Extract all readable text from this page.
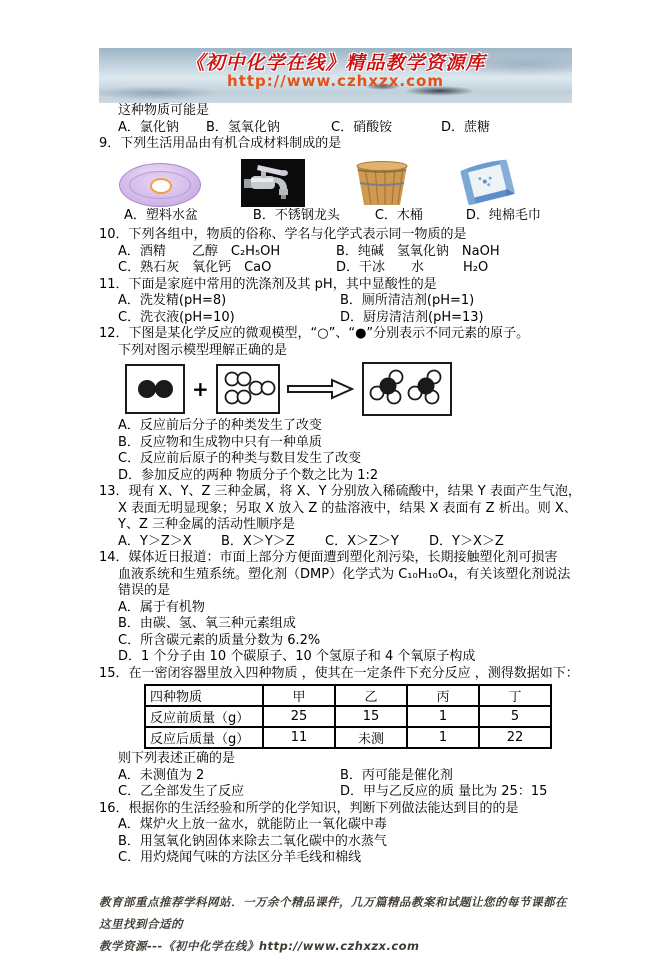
《初中化学在线》精品教学资源库
http://www.czhxzx.com
这种物质可能是
A．氯化钠	B．氢氧化钠	C．硝酸铵	D．蔗糖
9．下列生活用品由有机合成材料制成的是
A．塑料水盆	B．不锈钢龙头	C．木桶	D．纯棉毛巾
10．下列各组中，物质的俗称、学名与化学式表示同一物质的是
A．酒精　　乙醇　C₂H₅OH	B．纯碱　氢氧化钠　NaOH
C．熟石灰　氧化钙　CaO	D．干冰　　水　　　H₂O
11．下面是家庭中常用的洗涤剂及其 pH，其中显酸性的是
A．洗发精(pH=8)	B．厕所清洁剂(pH=1)
C．洗衣液(pH=10)	D．厨房清洁剂(pH=13)
12．下图是某化学反应的微观模型，“○”、“●”分别表示不同元素的原子。
下列对图示模型理解正确的是
+
A．反应前后分子的种类发生了改变
B．反应物和生成物中只有一种单质
C．反应前后原子的种类与数目发生了改变
D．参加反应的两种 物质分子个数之比为 1:2
13．现有 X、Y、Z 三种金属，将 X、Y 分别放入稀硫酸中，结果 Y 表面产生气泡，
X 表面无明显现象；另取 X 放入 Z 的盐溶液中，结果 X 表面有 Z 析出。则 X、
Y、Z 三种金属的活动性顺序是
A．Y＞Z＞X	B．X＞Y＞Z	C．X＞Z＞Y	D．Y＞X＞Z
14．媒体近日报道：市面上部分方便面遭到塑化剂污染，长期接触塑化剂可损害
血液系统和生殖系统。塑化剂（DMP）化学式为 C₁₀H₁₀O₄，有关该塑化剂说法
错误的是
A．属于有机物
B．由碳、氢、氧三种元素组成
C．所含碳元素的质量分数为 6.2%
D．1 个分子由 10 个碳原子、10 个氢原子和 4 个氧原子构成
15．在一密闭容器里放入四种物质 ，使其在一定条件下充分反应 ，测得数据如下：
四种物质	甲	乙	丙	丁
反应前质量（g）	25	15	1	5
反应后质量（g）	11	未测	1	22
则下列表述正确的是
A．未测值为 2	B．丙可能是催化剂
C．乙全部发生了反应	D．甲与乙反应的质 量比为 25：15
16．根据你的生活经验和所学的化学知识，判断下列做法能达到目的的是
A．煤炉火上放一盆水，就能防止一氧化碳中毒
B．用氢氧化钠固体来除去二氧化碳中的水蒸气
C．用灼烧闻气味的方法区分羊毛线和棉线
教育部重点推荐学科网站．一万余个精品课件，几万篇精品教案和试题让您的每节课都在这里找到合适的
教学资源---《初中化学在线》http://www.czhxzx.com
